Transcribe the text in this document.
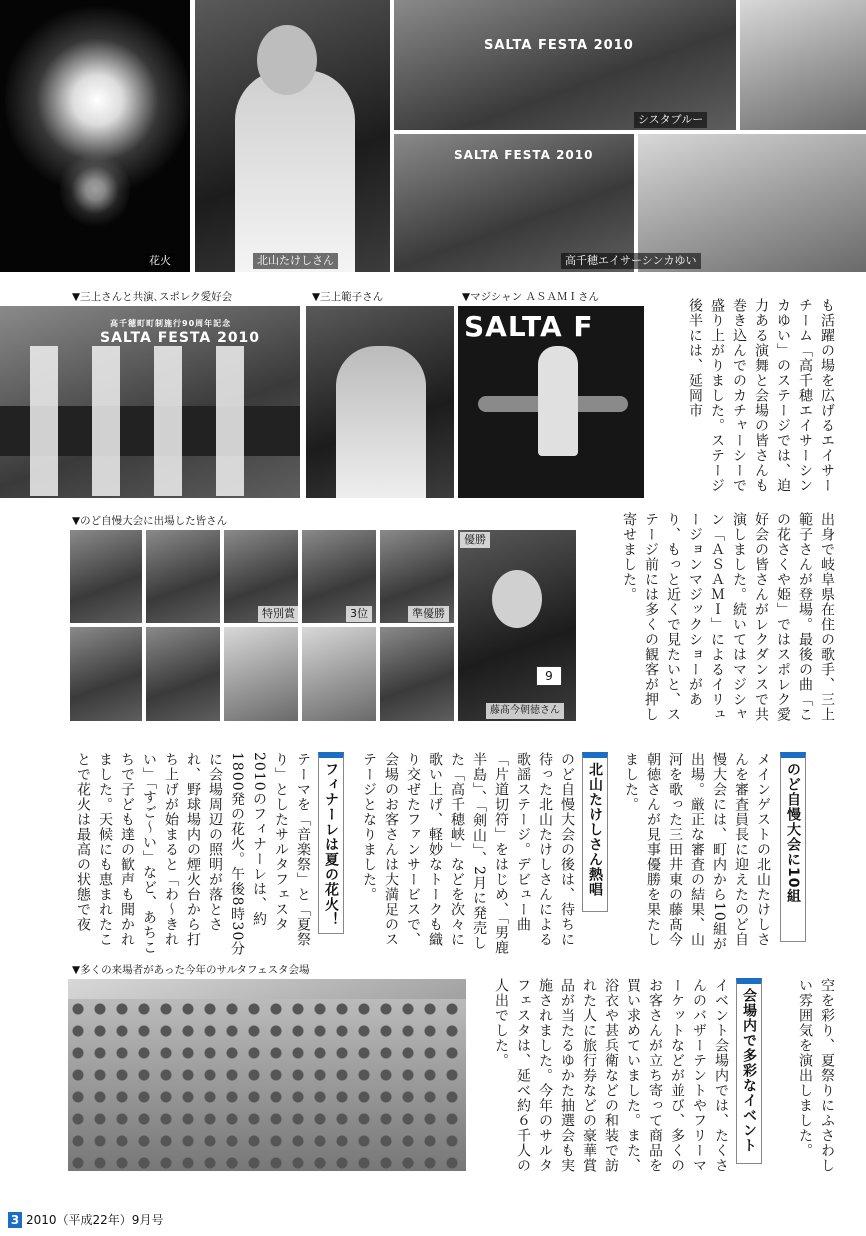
花火	北山たけしさん
SALTA FESTA 2010
シスタブルー
SALTA FESTA 2010
高千穂エイサーシンカゆい
▼三上さんと共演､スポレク愛好会
高千穂町町制施行90周年記念
SALTA FESTA 2010
▼三上範子さん	▼マジシャン ＡＳＡＭＩさん
SALTA F	も活躍の場を広げるエイサーチーム「高千穂エイサーシンカゆい」のステージでは、迫力ある演舞と会場の皆さんも巻き込んでのカチャーシーで盛り上がりました。ステージ後半には、延岡市
▼のど自慢大会に出場した皆さん
特別賞	3位	準優勝
優勝
9
藤髙今朝徳さん	出身で岐阜県在住の歌手、三上範子さんが登場。最後の曲「この花さくや姫」ではスポレク愛好会の皆さんがレクダンスで共演しました。続いてはマジシャン「ＡＳＡＭＩ」によるイリュージョンマジックショーがあり、もっと近くで見たいと、ステージ前には多くの観客が押し寄せました。
のど自慢大会に10組
メインゲストの北山たけしさんを審査員長に迎えたのど自慢大会には、町内から10組が出場。厳正な審査の結果、山河を歌った三田井東の藤髙今朝徳さんが見事優勝を果たしました。
北山たけしさん熱唱
のど自慢大会の後は、待ちに待った北山たけしさんによる歌謡ステージ。デビュー曲「片道切符」をはじめ、「男鹿半島」、「剣山」、2月に発売した「高千穂峡」などを次々に歌い上げ、軽妙なトークも織り交ぜたファンサービスで、会場のお客さんは大満足のステージとなりました。
フィナーレは夏の花火！
テーマを「音楽祭」と「夏祭り」としたサルタフェスタ2010のフィナーレは、約1800発の花火。午後8時30分に会場周辺の照明が落とされ、野球場内の煙火台から打ち上げが始まると「わ～きれい」「すご～い」など、あちこちで子ども達の歓声も聞かれました。天候にも恵まれたことで花火は最高の状態で夜
▼多くの来場者があった今年のサルタフェスタ会場
空を彩り、夏祭りにふさわしい雰囲気を演出しました。
会場内で多彩なイベント
イベント会場内では、たくさんのバザーテントやフリーマーケットなどが並び、多くのお客さんが立ち寄って商品を買い求めていました。また、浴衣や甚兵衛などの和装で訪れた人に旅行券などの豪華賞品が当たるゆかた抽選会も実施されました。今年のサルタフェスタは、延べ約６千人の人出でした。
3 2010（平成22年）9月号
